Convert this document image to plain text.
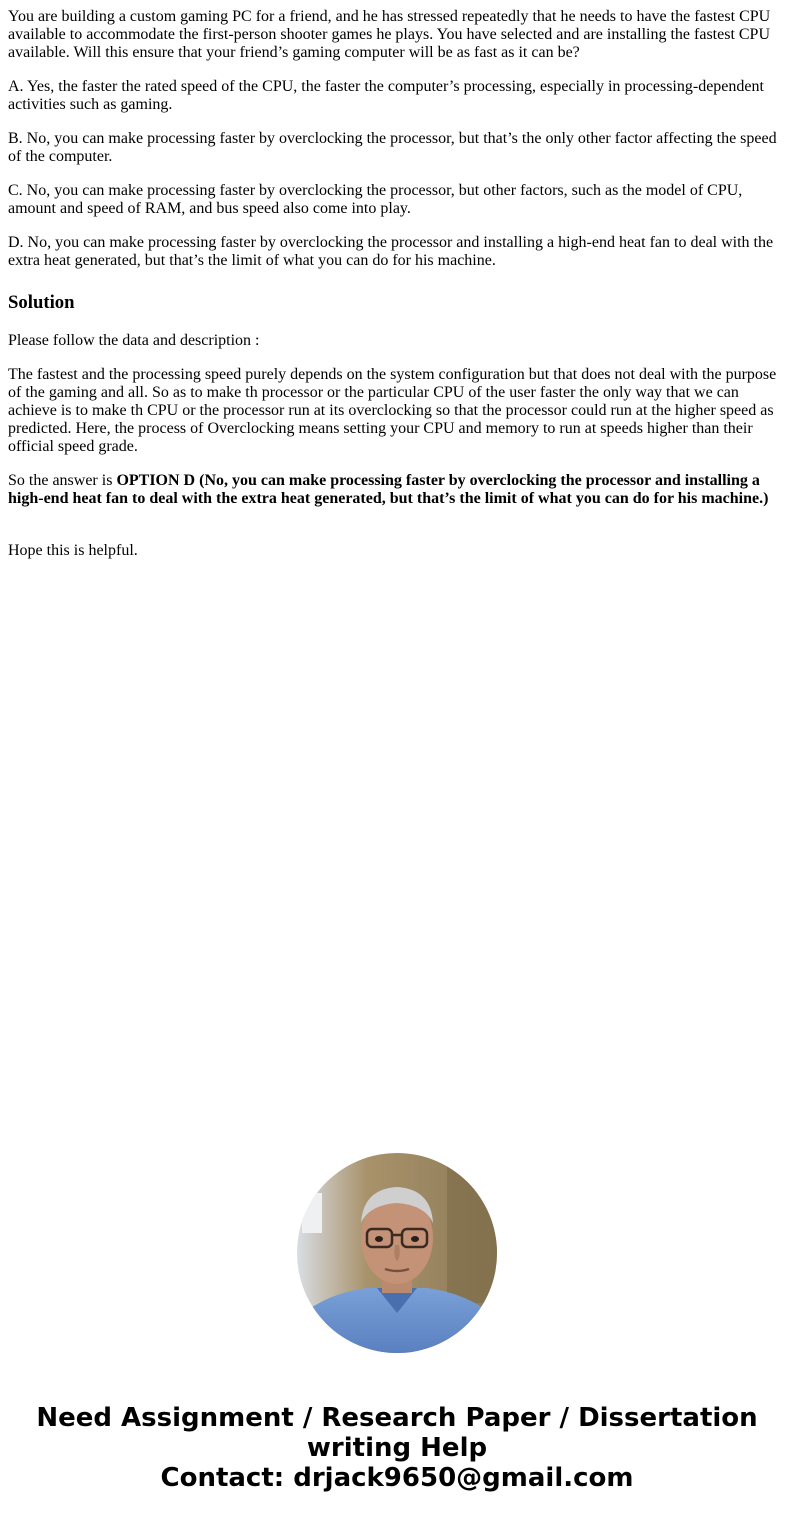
You are building a custom gaming PC for a friend, and he has stressed repeatedly that he needs to have the fastest CPU available to accommodate the first-person shooter games he plays. You have selected and are installing the fastest CPU available. Will this ensure that your friend’s gaming computer will be as fast as it can be?

A. Yes, the faster the rated speed of the CPU, the faster the computer’s processing, especially in processing-dependent activities such as gaming.

B. No, you can make processing faster by overclocking the processor, but that’s the only other factor affecting the speed of the computer.

C. No, you can make processing faster by overclocking the processor, but other factors, such as the model of CPU, amount and speed of RAM, and bus speed also come into play.

D. No, you can make processing faster by overclocking the processor and installing a high-end heat fan to deal with the extra heat generated, but that’s the limit of what you can do for his machine.

Solution

Please follow the data and description :

The fastest and the processing speed purely depends on the system configuration but that does not deal with the purpose of the gaming and all. So as to make th processor or the particular CPU of the user faster the only way that we can achieve is to make th CPU or the processor run at its overclocking so that the processor could run at the higher speed as predicted. Here, the process of Overclocking means setting your CPU and memory to run at speeds higher than their official speed grade.

So the answer is OPTION D (No, you can make processing faster by overclocking the processor and installing a high-end heat fan to deal with the extra heat generated, but that’s the limit of what you can do for his machine.)

Hope this is helpful.

Need Assignment / Research Paper / Dissertation
writing Help
Contact: drjack9650@gmail.com
